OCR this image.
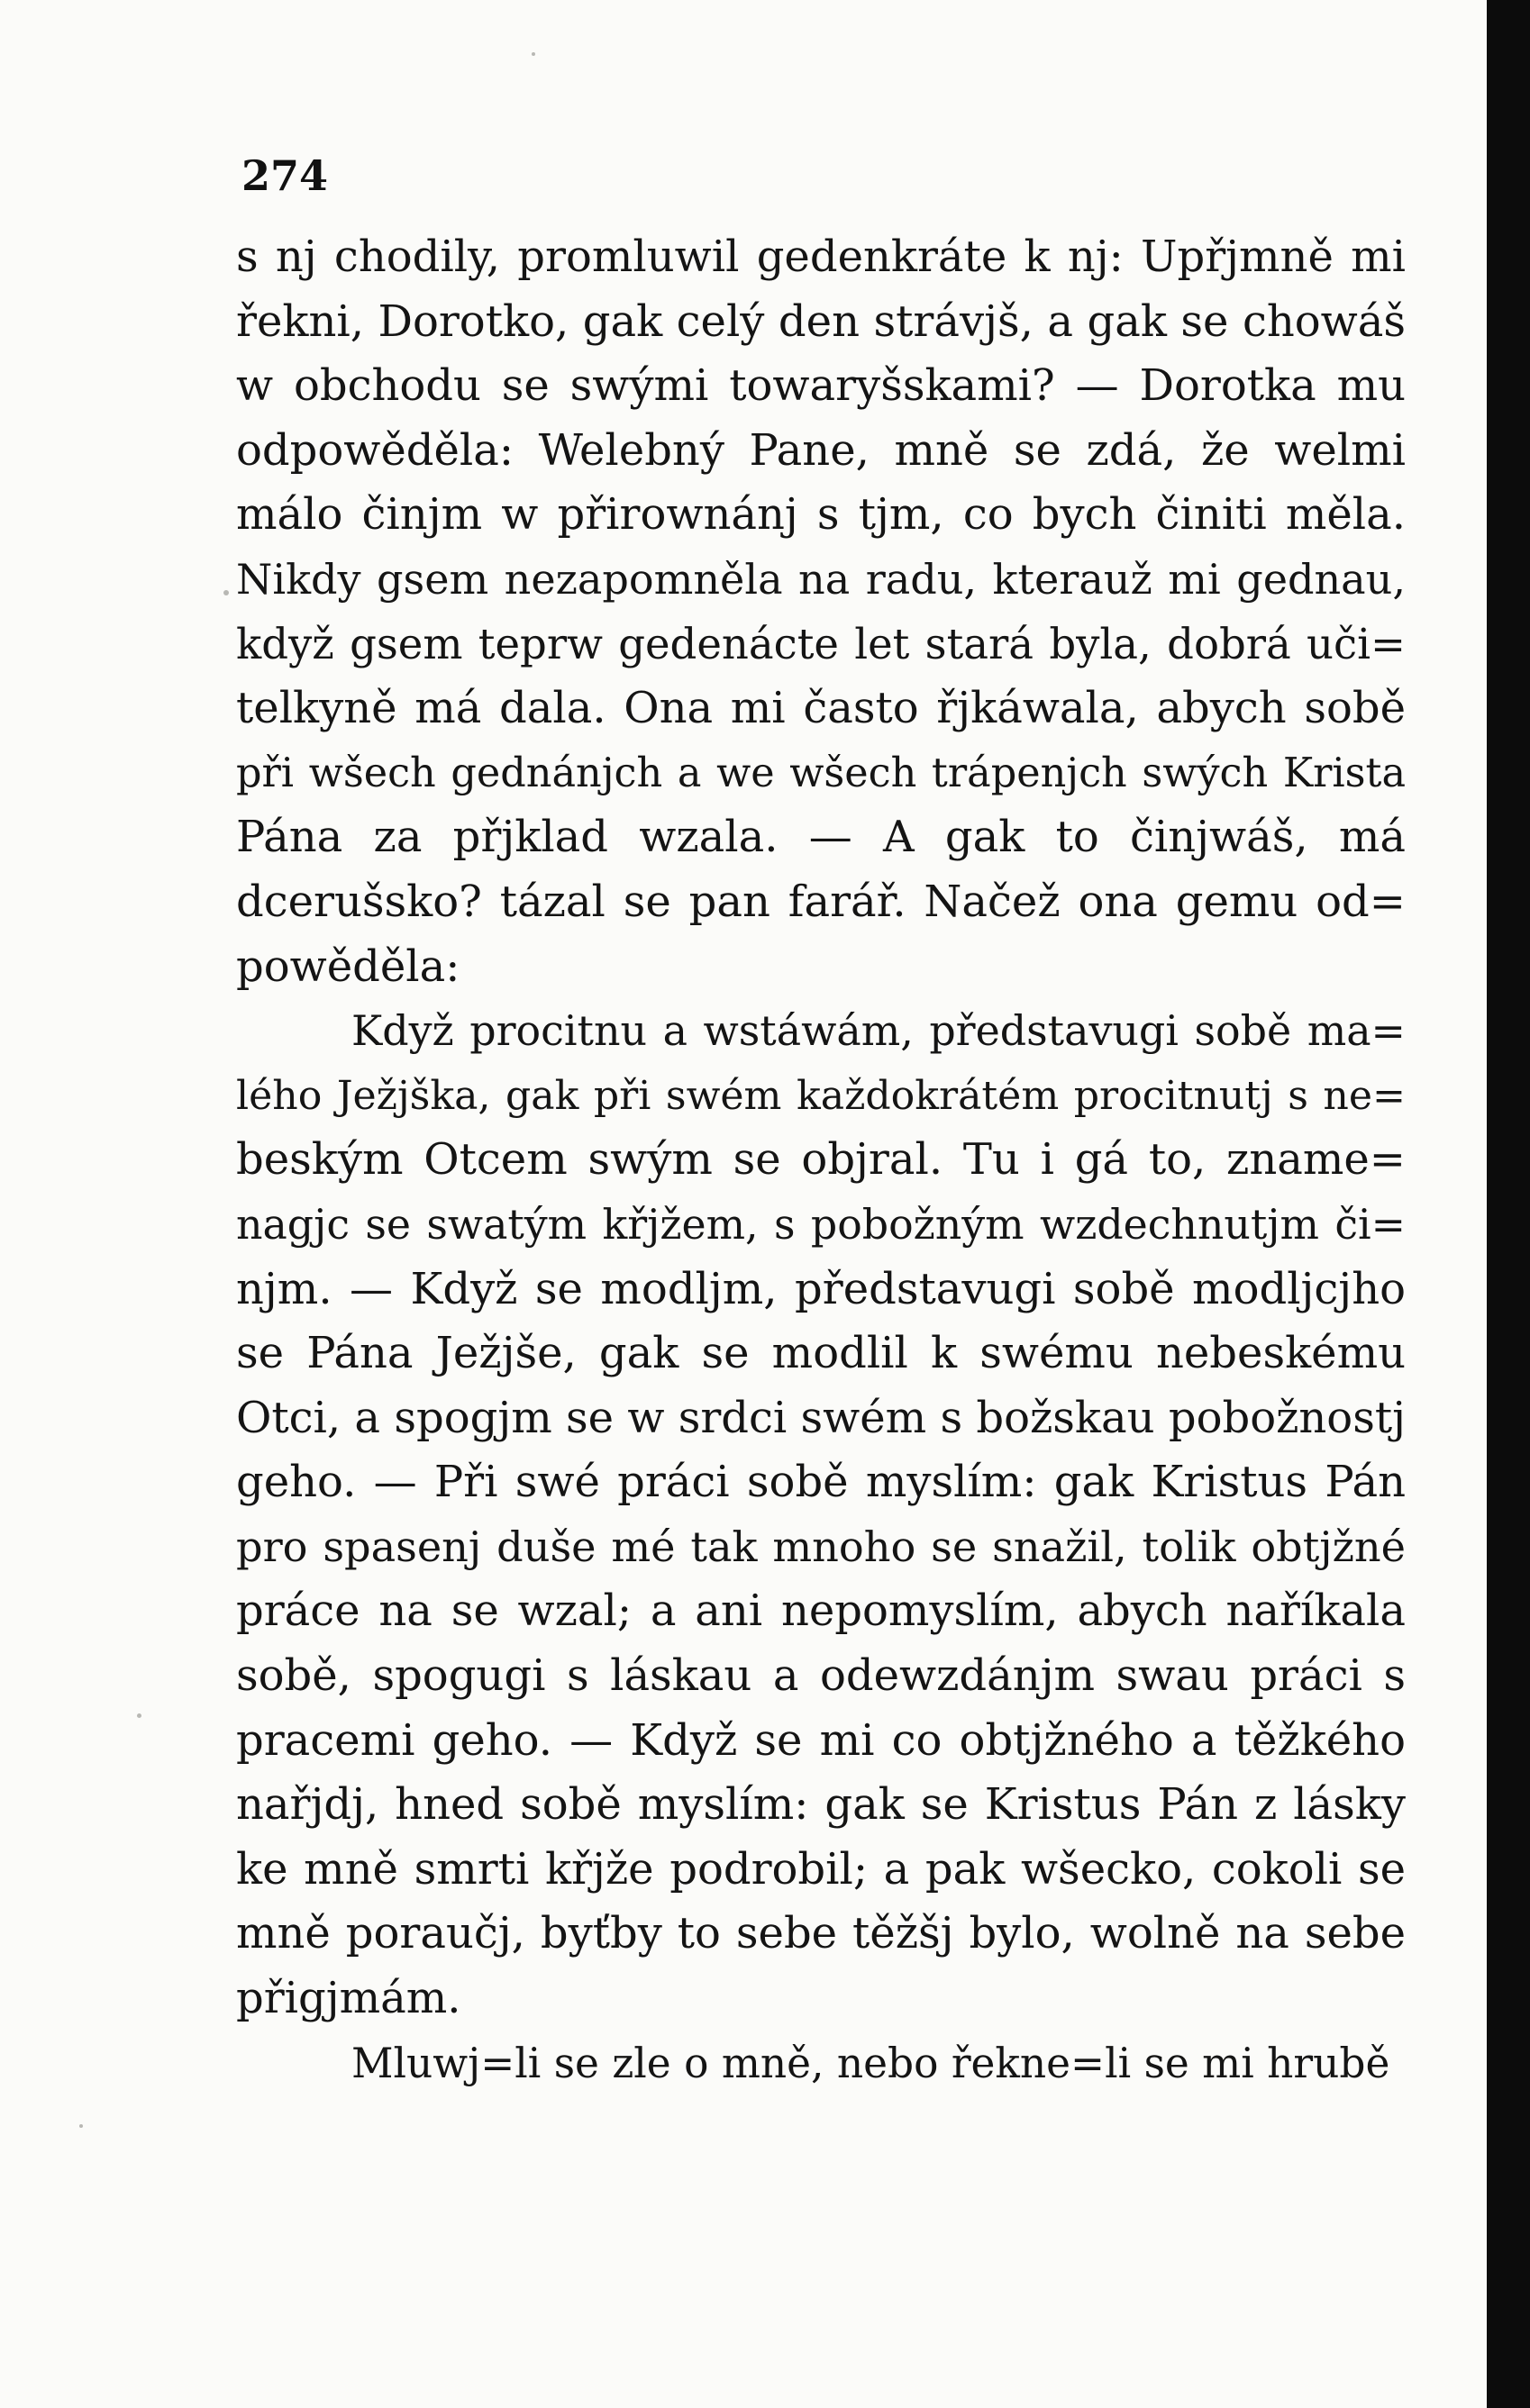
274
s nj chodily, promluwil gedenkráte k nj: Upřjmně mi
řekni, Dorotko, gak celý den strávjš, a gak se chowáš
w obchodu se swými towaryšskami? — Dorotka mu
odpowěděla: Welebný Pane, mně se zdá, že welmi
málo činjm w přirownánj s tjm, co bych činiti měla.
Nikdy gsem nezapomněla na radu, kterauž mi gednau,
když gsem teprw gedenácte let stará byla, dobrá uči=
telkyně má dala. Ona mi často řjkáwala, abych sobě
při wšech gednánjch a we wšech trápenjch swých Krista
Pána za přjklad wzala. — A gak to činjwáš, má
dcerušsko? tázal se pan farář. Načež ona gemu od=
powěděla:
Když procitnu a wstáwám, představugi sobě ma=
lého Ježjška, gak při swém každokrátém procitnutj s ne=
beským Otcem swým se objral. Tu i gá to, zname=
nagjc se swatým křjžem, s pobožným wzdechnutjm či=
njm. — Když se modljm, představugi sobě modljcjho
se Pána Ježjše, gak se modlil k swému nebeskému
Otci, a spogjm se w srdci swém s božskau pobožnostj
geho. — Při swé práci sobě myslím: gak Kristus Pán
pro spasenj duše mé tak mnoho se snažil, tolik obtjžné
práce na se wzal; a ani nepomyslím, abych naříkala
sobě, spogugi s láskau a odewzdánjm swau práci s
pracemi geho. — Když se mi co obtjžného a těžkého
nařjdj, hned sobě myslím: gak se Kristus Pán z lásky
ke mně smrti křjže podrobil; a pak wšecko, cokoli se
mně poraučj, byťby to sebe těžšj bylo, wolně na sebe
přigjmám.
Mluwj=li se zle o mně, nebo řekne=li se mi hrubě
